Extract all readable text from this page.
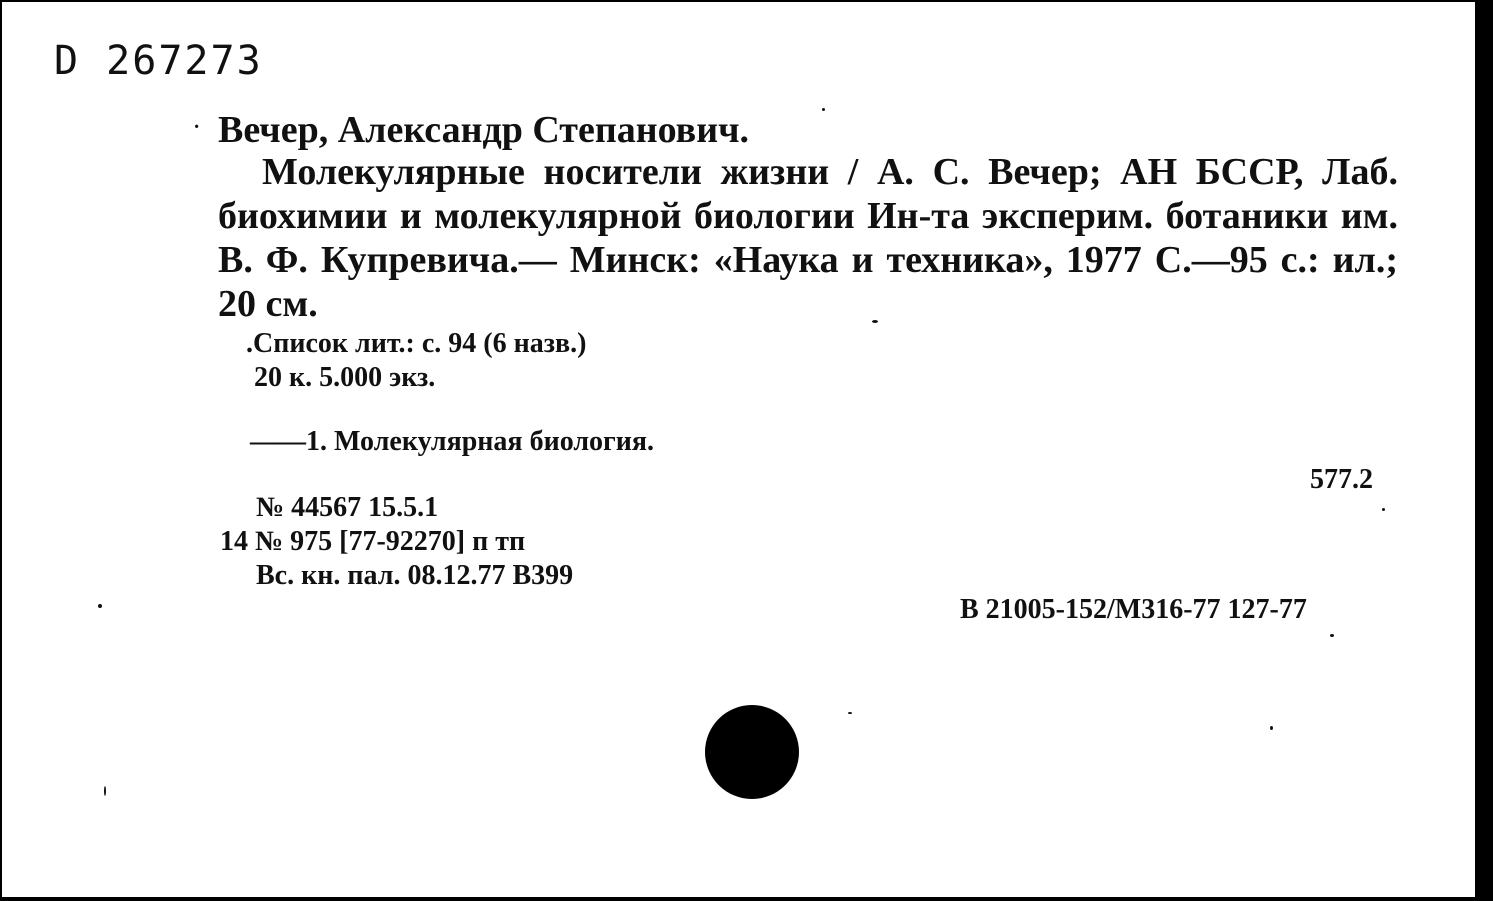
D 267273
· Вечер, Александр Степанович.

Молекулярные носители жизни / А. С. Вечер; АН БССР, Лаб. биохимии и молекулярной биологии Ин-та эксперим. ботаники им. В. Ф. Купревича.— Минск: «Наука и техника», 1977 С.—95 с.: ил.; 20 см.

.Список лит.: с. 94 (6 назв.)
20 к. 5.000 экз.
——1. Молекулярная биология.
577.2
№ 44567 15.5.1
14 № 975 [77-92270] п тп
Вс. кн. пал. 08.12.77 В399
В 21005-152/М316-77 127-77
